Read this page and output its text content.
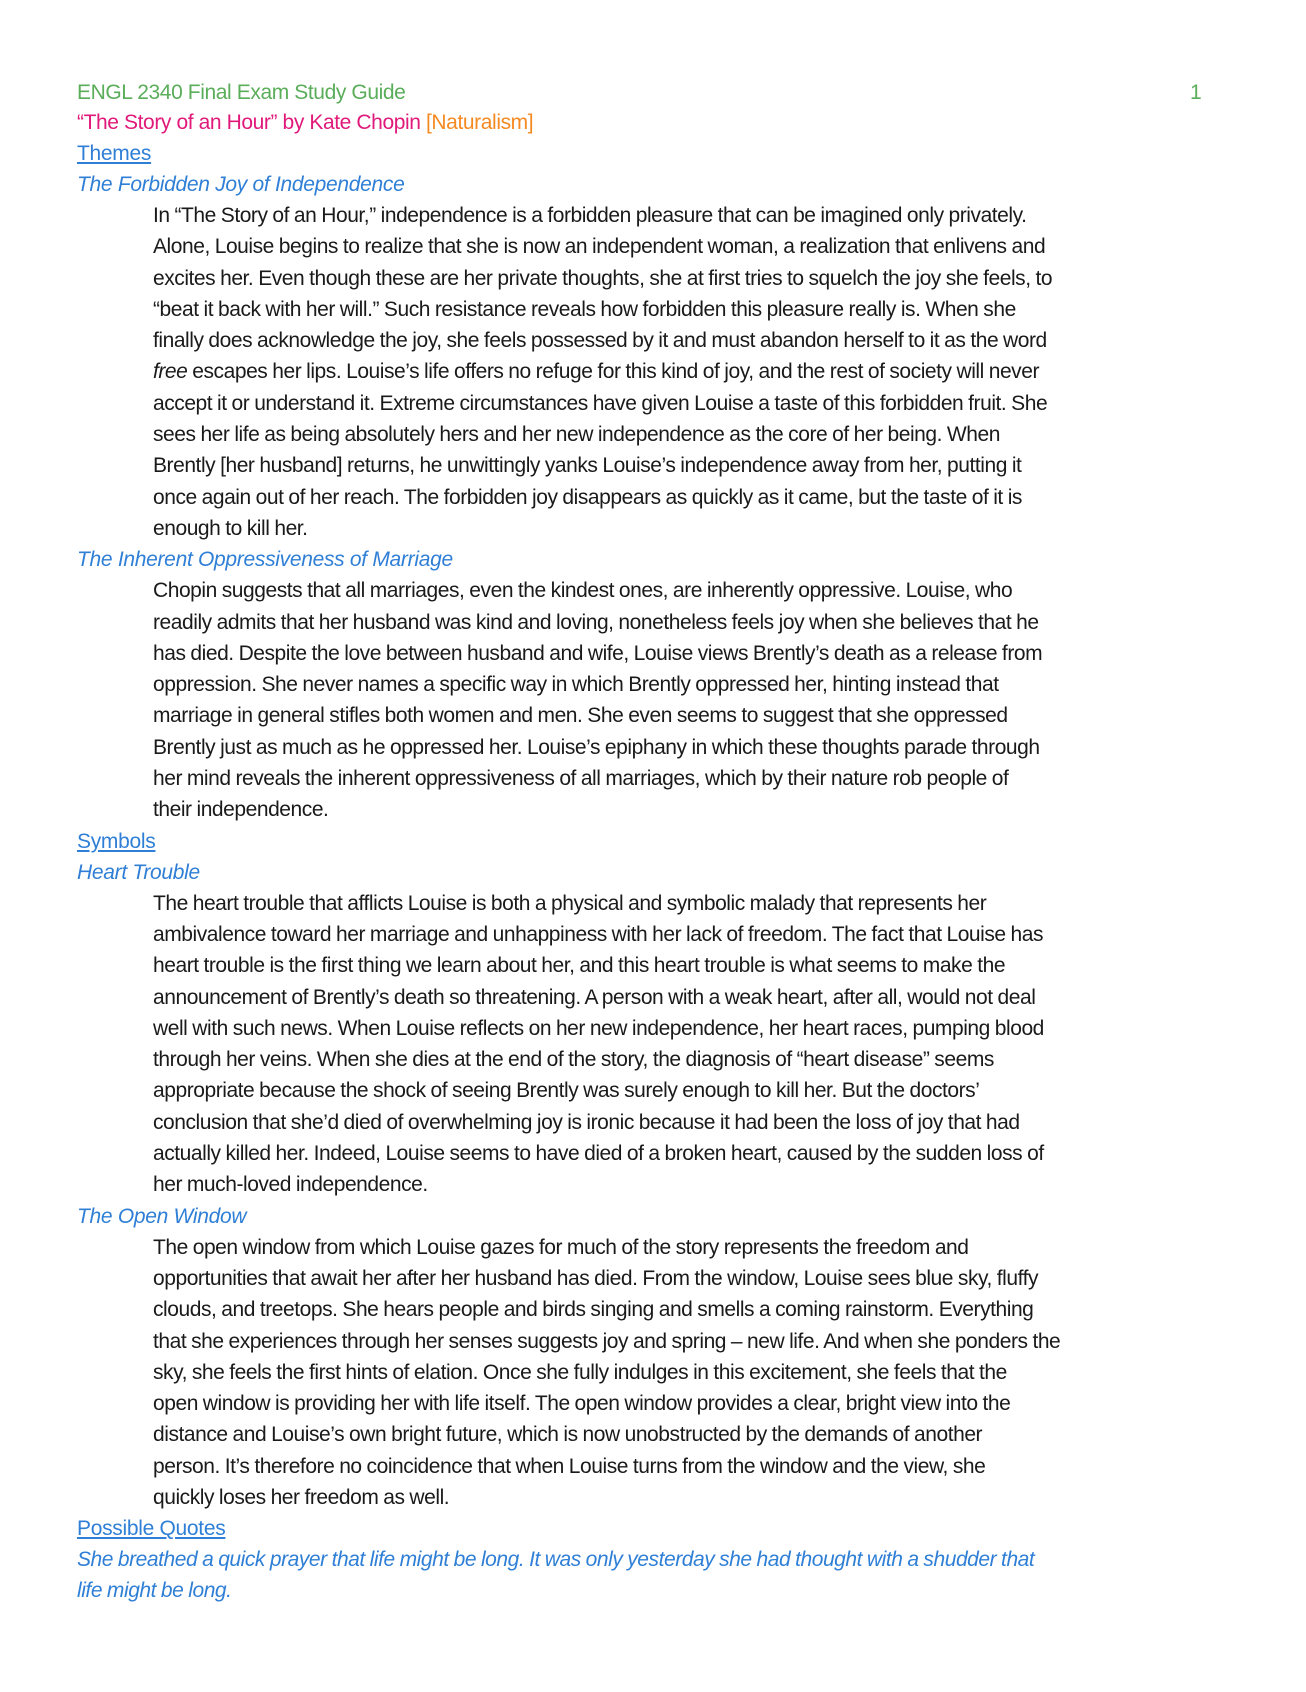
1
ENGL 2340 Final Exam Study Guide
“The Story of an Hour” by Kate Chopin [Naturalism]
Themes
The Forbidden Joy of Independence
In “The Story of an Hour,” independence is a forbidden pleasure that can be imagined only privately.
Alone, Louise begins to realize that she is now an independent woman, a realization that enlivens and
excites her. Even though these are her private thoughts, she at first tries to squelch the joy she feels, to
“beat it back with her will.” Such resistance reveals how forbidden this pleasure really is. When she
finally does acknowledge the joy, she feels possessed by it and must abandon herself to it as the word
free escapes her lips. Louise’s life offers no refuge for this kind of joy, and the rest of society will never
accept it or understand it. Extreme circumstances have given Louise a taste of this forbidden fruit. She
sees her life as being absolutely hers and her new independence as the core of her being. When
Brently [her husband] returns, he unwittingly yanks Louise’s independence away from her, putting it
once again out of her reach. The forbidden joy disappears as quickly as it came, but the taste of it is
enough to kill her.
The Inherent Oppressiveness of Marriage
Chopin suggests that all marriages, even the kindest ones, are inherently oppressive. Louise, who
readily admits that her husband was kind and loving, nonetheless feels joy when she believes that he
has died. Despite the love between husband and wife, Louise views Brently’s death as a release from
oppression. She never names a specific way in which Brently oppressed her, hinting instead that
marriage in general stifles both women and men. She even seems to suggest that she oppressed
Brently just as much as he oppressed her. Louise’s epiphany in which these thoughts parade through
her mind reveals the inherent oppressiveness of all marriages, which by their nature rob people of
their independence.
Symbols
Heart Trouble
The heart trouble that afflicts Louise is both a physical and symbolic malady that represents her
ambivalence toward her marriage and unhappiness with her lack of freedom. The fact that Louise has
heart trouble is the first thing we learn about her, and this heart trouble is what seems to make the
announcement of Brently’s death so threatening. A person with a weak heart, after all, would not deal
well with such news. When Louise reflects on her new independence, her heart races, pumping blood
through her veins. When she dies at the end of the story, the diagnosis of “heart disease” seems
appropriate because the shock of seeing Brently was surely enough to kill her. But the doctors’
conclusion that she’d died of overwhelming joy is ironic because it had been the loss of joy that had
actually killed her. Indeed, Louise seems to have died of a broken heart, caused by the sudden loss of
her much-loved independence.
The Open Window
The open window from which Louise gazes for much of the story represents the freedom and
opportunities that await her after her husband has died. From the window, Louise sees blue sky, fluffy
clouds, and treetops. She hears people and birds singing and smells a coming rainstorm. Everything
that she experiences through her senses suggests joy and spring – new life. And when she ponders the
sky, she feels the first hints of elation. Once she fully indulges in this excitement, she feels that the
open window is providing her with life itself. The open window provides a clear, bright view into the
distance and Louise’s own bright future, which is now unobstructed by the demands of another
person. It’s therefore no coincidence that when Louise turns from the window and the view, she
quickly loses her freedom as well.
Possible Quotes
She breathed a quick prayer that life might be long. It was only yesterday she had thought with a shudder that
life might be long.
